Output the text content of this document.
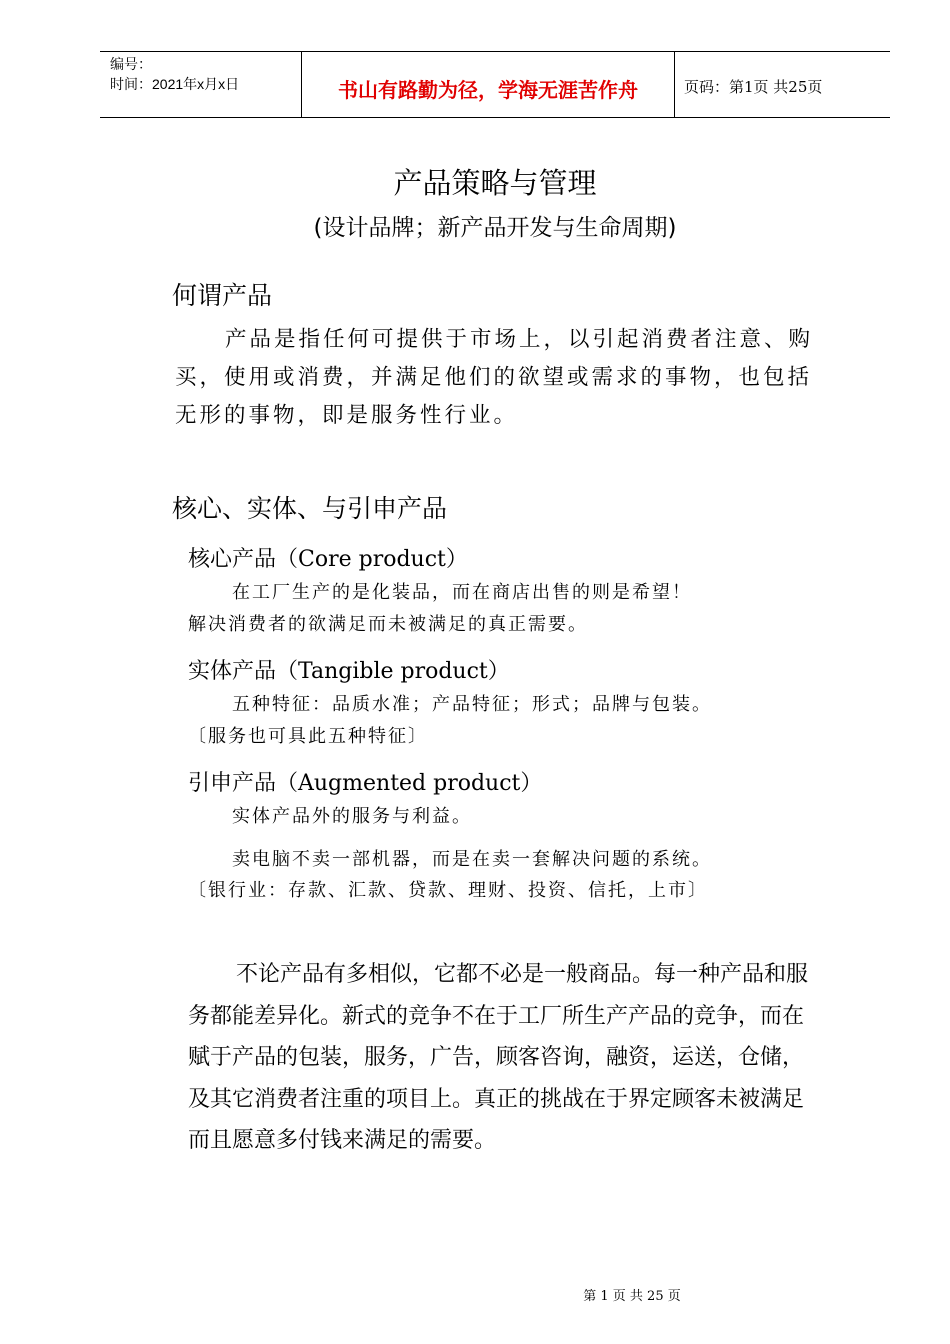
编号：
时间：2021年x月x日	书山有路勤为径，学海无涯苦作舟	页码：第1页 共25页
产品策略与管理
(设计品牌；新产品开发与生命周期)
何谓产品
产品是指任何可提供于市场上，以引起消费者注意、购买，使用或消费，并满足他们的欲望或需求的事物，也包括无形的事物，即是服务性行业。
核心、实体、与引申产品
核心产品（Core product）
在工厂生产的是化装品，而在商店出售的则是希望！
解决消费者的欲满足而未被满足的真正需要。
实体产品（Tangible product）
五种特征：品质水准；产品特征；形式；品牌与包装。
〔服务也可具此五种特征〕
引申产品（Augmented product）
实体产品外的服务与利益。
卖电脑不卖一部机器，而是在卖一套解决问题的系统。
〔银行业：存款、汇款、贷款、理财、投资、信托，上市〕
不论产品有多相似，它都不必是一般商品。每一种产品和服务都能差异化。新式的竞争不在于工厂所生产产品的竞争，而在赋于产品的包装，服务，广告，顾客咨询，融资，运送，仓储，及其它消费者注重的项目上。真正的挑战在于界定顾客未被满足而且愿意多付钱来满足的需要。
第 1 页 共 25 页
